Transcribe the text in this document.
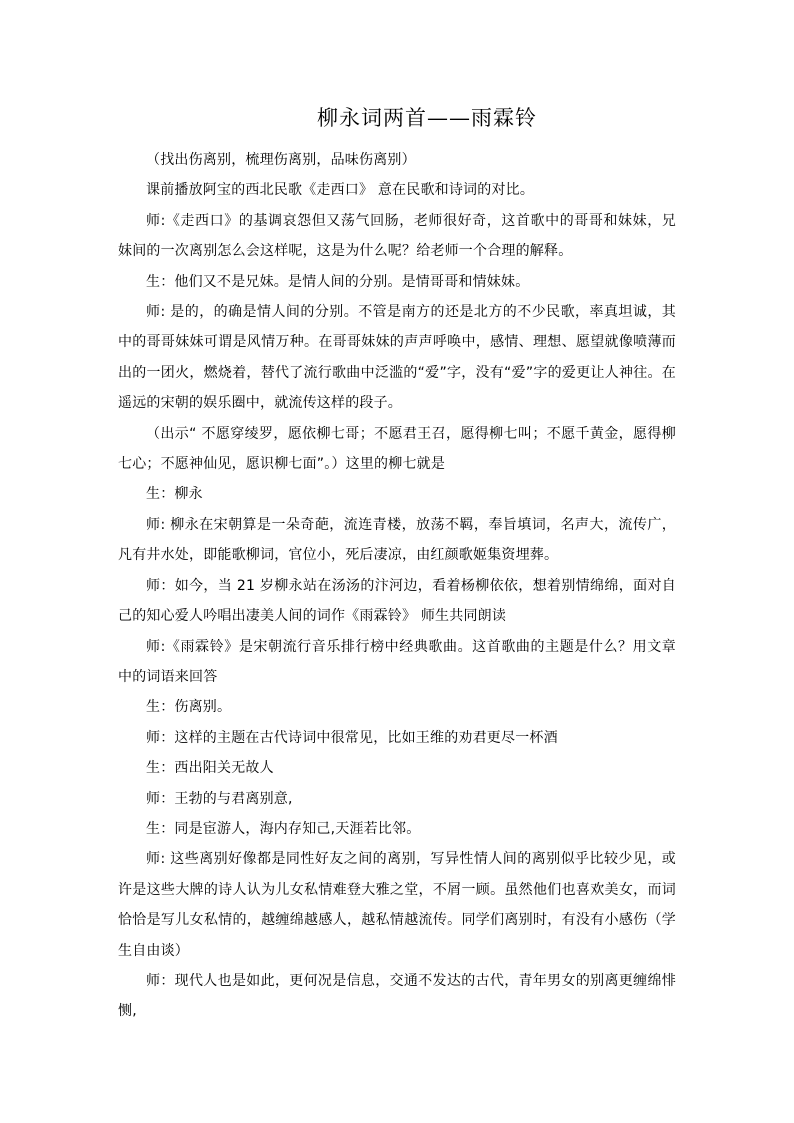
柳永词两首——雨霖铃

（找出伤离别，梳理伤离别，品味伤离别）

课前播放阿宝的西北民歌《走西口》 意在民歌和诗词的对比。

师:《走西口》的基调哀怨但又荡气回肠，老师很好奇，这首歌中的哥哥和妹妹，兄妹间的一次离别怎么会这样呢，这是为什么呢？给老师一个合理的解释。

生：他们又不是兄妹。是情人间的分别。是情哥哥和情妹妹。

师: 是的，的确是情人间的分别。不管是南方的还是北方的不少民歌，率真坦诚，其中的哥哥妹妹可谓是风情万种。在哥哥妹妹的声声呼唤中，感情、理想、愿望就像喷薄而出的一团火，燃烧着，替代了流行歌曲中泛滥的“爱”字，没有“爱”字的爱更让人神往。在遥远的宋朝的娱乐圈中，就流传这样的段子。

（出示“ 不愿穿绫罗，愿依柳七哥；不愿君王召，愿得柳七叫；不愿千黄金，愿得柳七心；不愿神仙见，愿识柳七面”。）这里的柳七就是

生：柳永

师: 柳永在宋朝算是一朵奇葩，流连青楼，放荡不羁，奉旨填词，名声大，流传广，凡有井水处，即能歌柳词，官位小，死后凄凉，由红颜歌姬集资埋葬。

师：如今，当 21 岁柳永站在汤汤的汴河边，看着杨柳依依，想着别情绵绵，面对自己的知心爱人吟唱出凄美人间的词作《雨霖铃》 师生共同朗读

师:《雨霖铃》是宋朝流行音乐排行榜中经典歌曲。这首歌曲的主题是什么？用文章中的词语来回答

生：伤离别。

师：这样的主题在古代诗词中很常见，比如王维的劝君更尽一杯酒

生：西出阳关无故人

师：王勃的与君离别意,

生：同是宦游人，海内存知己,天涯若比邻。

师: 这些离别好像都是同性好友之间的离别，写异性情人间的离别似乎比较少见，或许是这些大牌的诗人认为儿女私情难登大雅之堂，不屑一顾。虽然他们也喜欢美女，而词恰恰是写儿女私情的，越缠绵越感人，越私情越流传。同学们离别时，有没有小感伤（学生自由谈）

师：现代人也是如此，更何况是信息，交通不发达的古代，青年男女的别离更缠绵悱恻,
